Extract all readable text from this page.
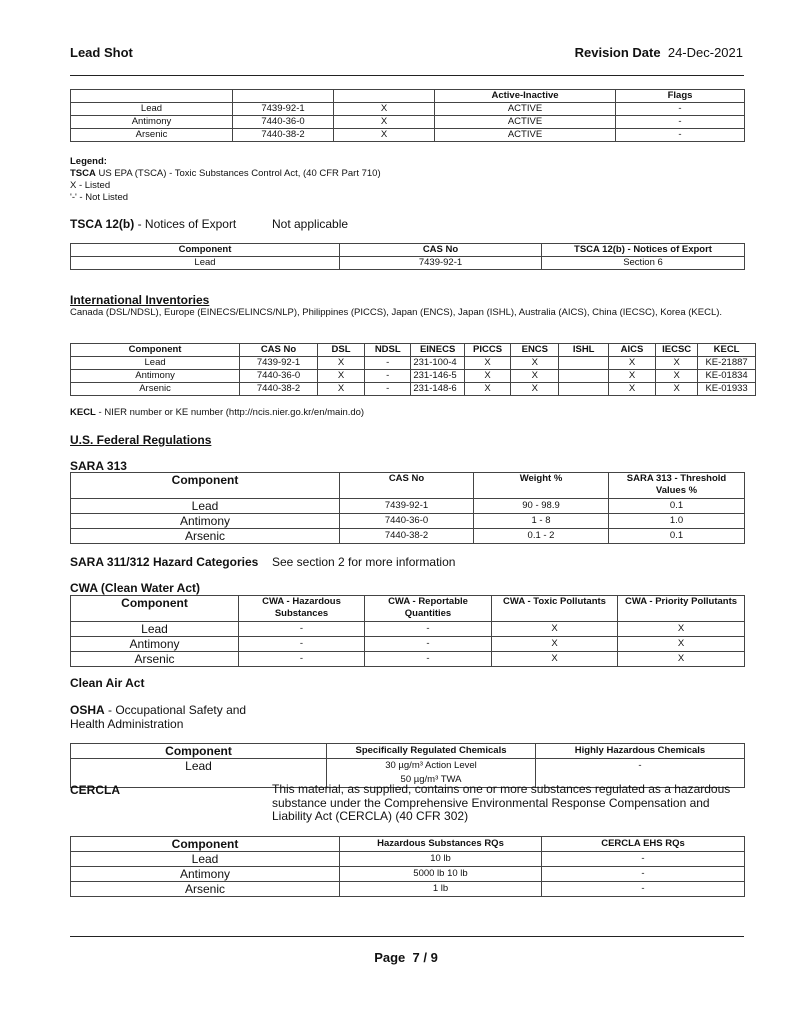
Lead Shot	Revision Date 24-Dec-2021
			Active-Inactive	Flags
Lead	7439-92-1	X	ACTIVE	-
Antimony	7440-36-0	X	ACTIVE	-
Arsenic	7440-38-2	X	ACTIVE	-
Legend:
TSCA US EPA (TSCA) - Toxic Substances Control Act, (40 CFR Part 710)
X - Listed
'-' - Not Listed
TSCA 12(b) - Notices of Export	Not applicable
Component	CAS No	TSCA 12(b) - Notices of Export
Lead	7439-92-1	Section 6
International Inventories
Canada (DSL/NDSL), Europe (EINECS/ELINCS/NLP), Philippines (PICCS), Japan (ENCS), Japan (ISHL), Australia (AICS), China (IECSC), Korea (KECL).
Component	CAS No	DSL	NDSL	EINECS	PICCS	ENCS	ISHL	AICS	IECSC	KECL
Lead	7439-92-1	X	-	231-100-4	X	X		X	X	KE-21887
Antimony	7440-36-0	X	-	231-146-5	X	X		X	X	KE-01834
Arsenic	7440-38-2	X	-	231-148-6	X	X		X	X	KE-01933
KECL - NIER number or KE number (http://ncis.nier.go.kr/en/main.do)
U.S. Federal Regulations
SARA 313
Component	CAS No	Weight %	SARA 313 - Threshold Values %
Lead	7439-92-1	90 - 98.9	0.1
Antimony	7440-36-0	1 - 8	1.0
Arsenic	7440-38-2	0.1 - 2	0.1
SARA 311/312 Hazard Categories See section 2 for more information
CWA (Clean Water Act)
Component	CWA - Hazardous Substances	CWA - Reportable Quantities	CWA - Toxic Pollutants	CWA - Priority Pollutants
Lead	-	-	X	X
Antimony	-	-	X	X
Arsenic	-	-	X	X
Clean Air Act
OSHA - Occupational Safety and Health Administration
Component	Specifically Regulated Chemicals	Highly Hazardous Chemicals
Lead	30 µg/m³ Action Level
50 µg/m³ TWA	-
CERCLA	This material, as supplied, contains one or more substances regulated as a hazardous substance under the Comprehensive Environmental Response Compensation and Liability Act (CERCLA) (40 CFR 302)
Component	Hazardous Substances RQs	CERCLA EHS RQs
Lead	10 lb	-
Antimony	5000 lb 10 lb	-
Arsenic	1 lb	-
Page 7 / 9
